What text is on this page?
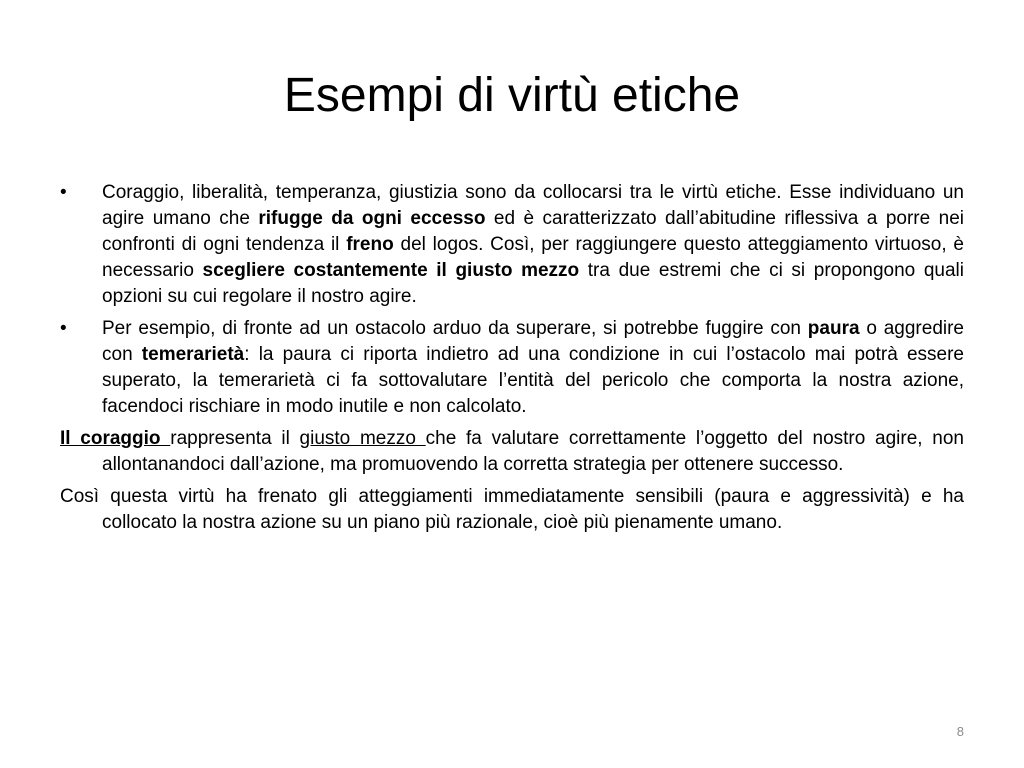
Esempi di virtù etiche
•	Coraggio, liberalità, temperanza, giustizia sono da collocarsi tra le virtù etiche. Esse individuano un agire umano che rifugge da ogni eccesso ed è caratterizzato dall’abitudine riflessiva a porre nei confronti di ogni tendenza il freno del logos. Così, per raggiungere questo atteggiamento virtuoso, è necessario scegliere costantemente il giusto mezzo tra due estremi che ci si propongono quali opzioni su cui regolare il nostro agire.
•	Per esempio, di fronte ad un ostacolo arduo da superare, si potrebbe fuggire con paura o aggredire con temerarietà: la paura ci riporta indietro ad una condizione in cui l’ostacolo mai potrà essere superato, la temerarietà ci fa sottovalutare l’entità del pericolo che comporta la nostra azione, facendoci rischiare in modo inutile e non calcolato.
Il coraggio rappresenta il giusto mezzo che fa valutare correttamente l’oggetto del nostro agire, non allontanandoci dall’azione, ma promuovendo la corretta strategia per ottenere successo.
Così questa virtù ha frenato gli atteggiamenti immediatamente sensibili (paura e aggressività) e ha collocato la nostra azione su un piano più razionale, cioè più pienamente umano.
8
